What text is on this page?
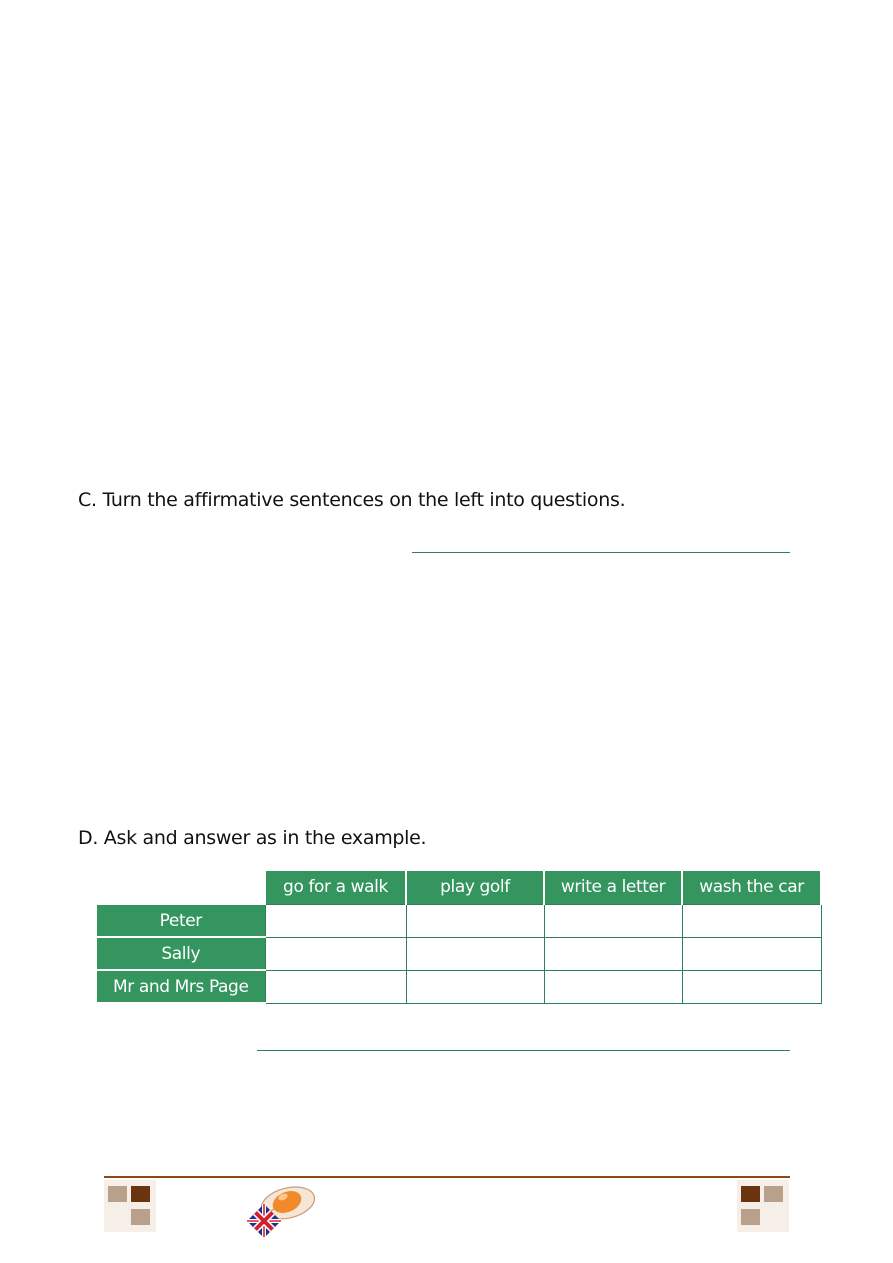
C. Turn the affirmative sentences on the left into questions.
D. Ask and answer as in the example.
	go for a walk	play golf	write a letter	wash the car
Peter				
Sally				
Mr and Mrs Page				
